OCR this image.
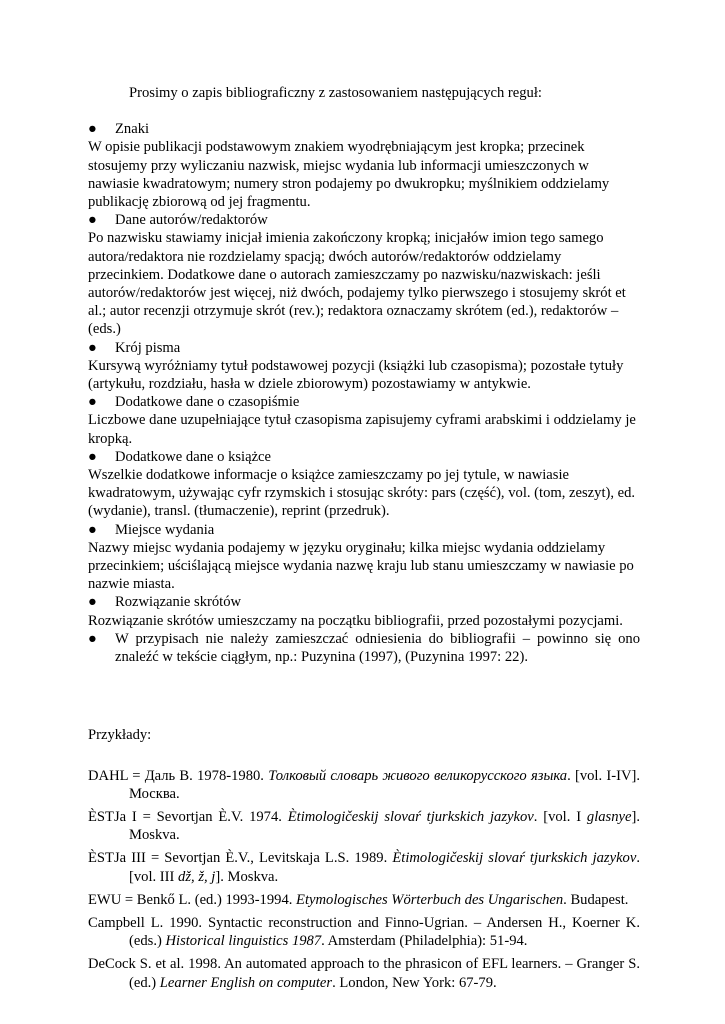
Prosimy o zapis bibliograficzny z zastosowaniem następujących reguł:

●	Znaki

W opisie publikacji podstawowym znakiem wyodrębniającym jest kropka; przecinek stosujemy przy wyliczaniu nazwisk, miejsc wydania lub informacji umieszczonych w nawiasie kwadratowym; numery stron podajemy po dwukropku; myślnikiem oddzielamy publikację zbiorową od jej fragmentu.

●	Dane autorów/redaktorów

Po nazwisku stawiamy inicjał imienia zakończony kropką; inicjałów imion tego samego autora/redaktora nie rozdzielamy spacją; dwóch autorów/redaktorów oddzielamy przecinkiem. Dodatkowe dane o autorach zamieszczamy po nazwisku/nazwiskach: jeśli autorów/redaktorów jest więcej, niż dwóch, podajemy tylko pierwszego i stosujemy skrót et al.; autor recenzji otrzymuje skrót (rev.); redaktora oznaczamy skrótem (ed.), redaktorów – (eds.)

●	Krój pisma

Kursywą wyróżniamy tytuł podstawowej pozycji (książki lub czasopisma); pozostałe tytuły (artykułu, rozdziału, hasła w dziele zbiorowym) pozostawiamy w antykwie.

●	Dodatkowe dane o czasopiśmie

Liczbowe dane uzupełniające tytuł czasopisma zapisujemy cyframi arabskimi i oddzielamy je kropką.

●	Dodatkowe dane o książce

Wszelkie dodatkowe informacje o książce zamieszczamy po jej tytule, w nawiasie kwadratowym, używając cyfr rzymskich i stosując skróty: pars (część), vol. (tom, zeszyt), ed. (wydanie), transl. (tłumaczenie), reprint (przedruk).

●	Miejsce wydania

Nazwy miejsc wydania podajemy w języku oryginału; kilka miejsc wydania oddzielamy przecinkiem; uściślającą miejsce wydania nazwę kraju lub stanu umieszczamy w nawiasie po nazwie miasta.

●	Rozwiązanie skrótów

Rozwiązanie skrótów umieszczamy na początku bibliografii, przed pozostałymi pozycjami.

● W przypisach nie należy zamieszczać odniesienia do bibliografii – powinno się ono znaleźć w tekście ciągłym, np.: Puzynina (1997), (Puzynina 1997: 22).

Przykłady:

DAHL = Даль В. 1978-1980. Толковый словарь живого великорусского языка. [vol. I-IV]. Москва.

ÈSTJa I = Sevortjan È.V. 1974. Ètimologičeskij slovaŕ tjurkskich jazykov. [vol. I glasnye]. Moskva.

ÈSTJa III = Sevortjan È.V., Levitskaja L.S. 1989. Ètimologičeskij slovaŕ tjurkskich jazykov. [vol. III dž, ž, j]. Moskva.

EWU = Benkő L. (ed.) 1993-1994. Etymologisches Wörterbuch des Ungarischen. Budapest.

Campbell L. 1990. Syntactic reconstruction and Finno-Ugrian. – Andersen H., Koerner K. (eds.) Historical linguistics 1987. Amsterdam (Philadelphia): 51-94.

DeCock S. et al. 1998. An automated approach to the phrasicon of EFL learners. – Granger S. (ed.) Learner English on computer. London, New York: 67-79.
